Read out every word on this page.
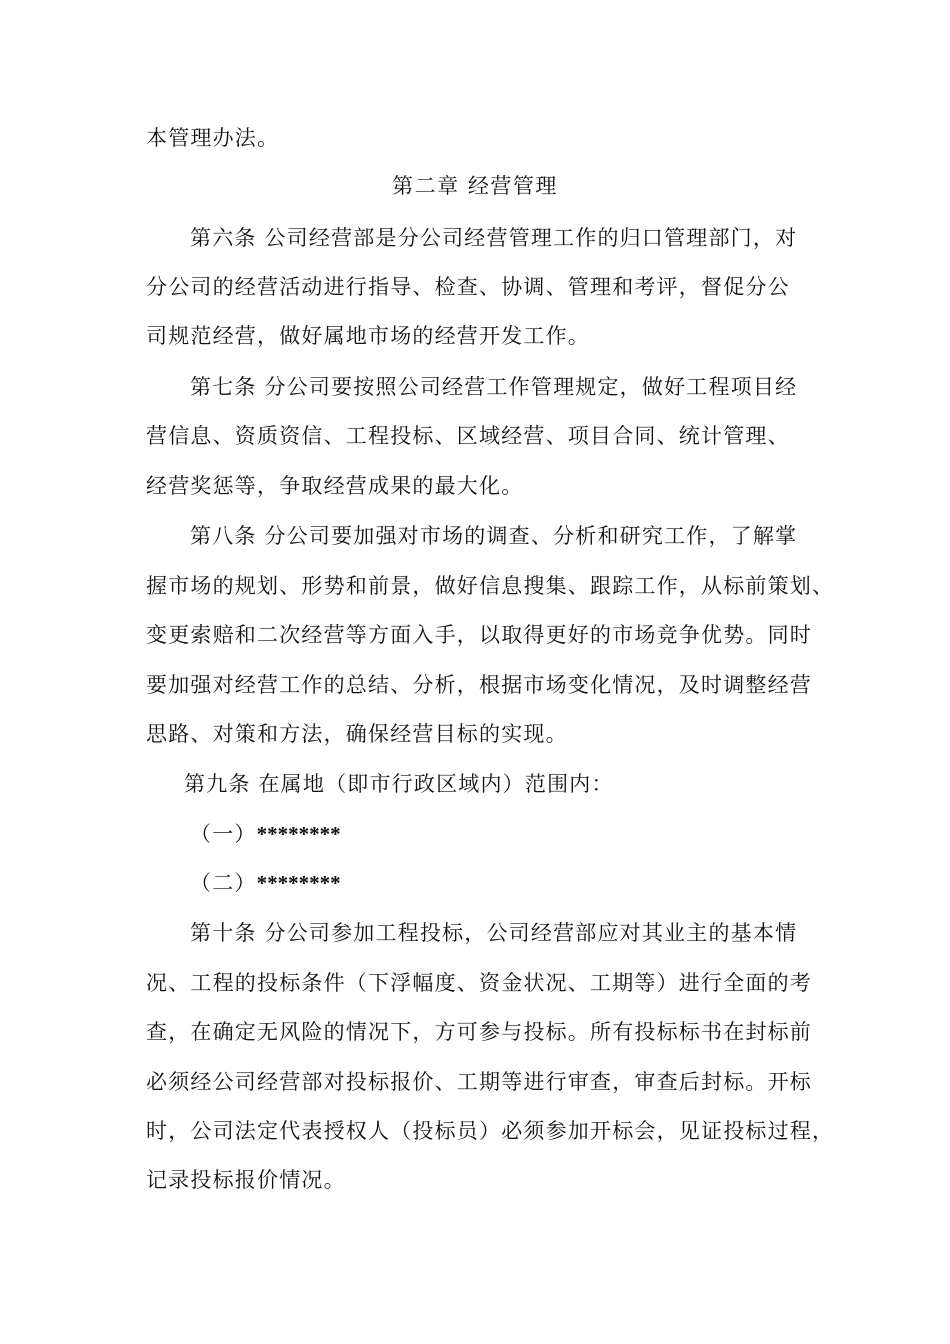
本管理办法。
第二章 经营管理
第六条 公司经营部是分公司经营管理工作的归口管理部门，对
分公司的经营活动进行指导、检查、协调、管理和考评，督促分公
司规范经营，做好属地市场的经营开发工作。
第七条 分公司要按照公司经营工作管理规定，做好工程项目经
营信息、资质资信、工程投标、区域经营、项目合同、统计管理、
经营奖惩等，争取经营成果的最大化。
第八条 分公司要加强对市场的调查、分析和研究工作，了解掌
握市场的规划、形势和前景，做好信息搜集、跟踪工作，从标前策划、
变更索赔和二次经营等方面入手，以取得更好的市场竞争优势。同时
要加强对经营工作的总结、分析，根据市场变化情况，及时调整经营
思路、对策和方法，确保经营目标的实现。
第九条 在属地（即市行政区域内）范围内：
（一）********
（二）********
第十条 分公司参加工程投标，公司经营部应对其业主的基本情
况、工程的投标条件（下浮幅度、资金状况、工期等）进行全面的考
查，在确定无风险的情况下，方可参与投标。所有投标标书在封标前
必须经公司经营部对投标报价、工期等进行审查，审查后封标。开标
时，公司法定代表授权人（投标员）必须参加开标会，见证投标过程，
记录投标报价情况。
